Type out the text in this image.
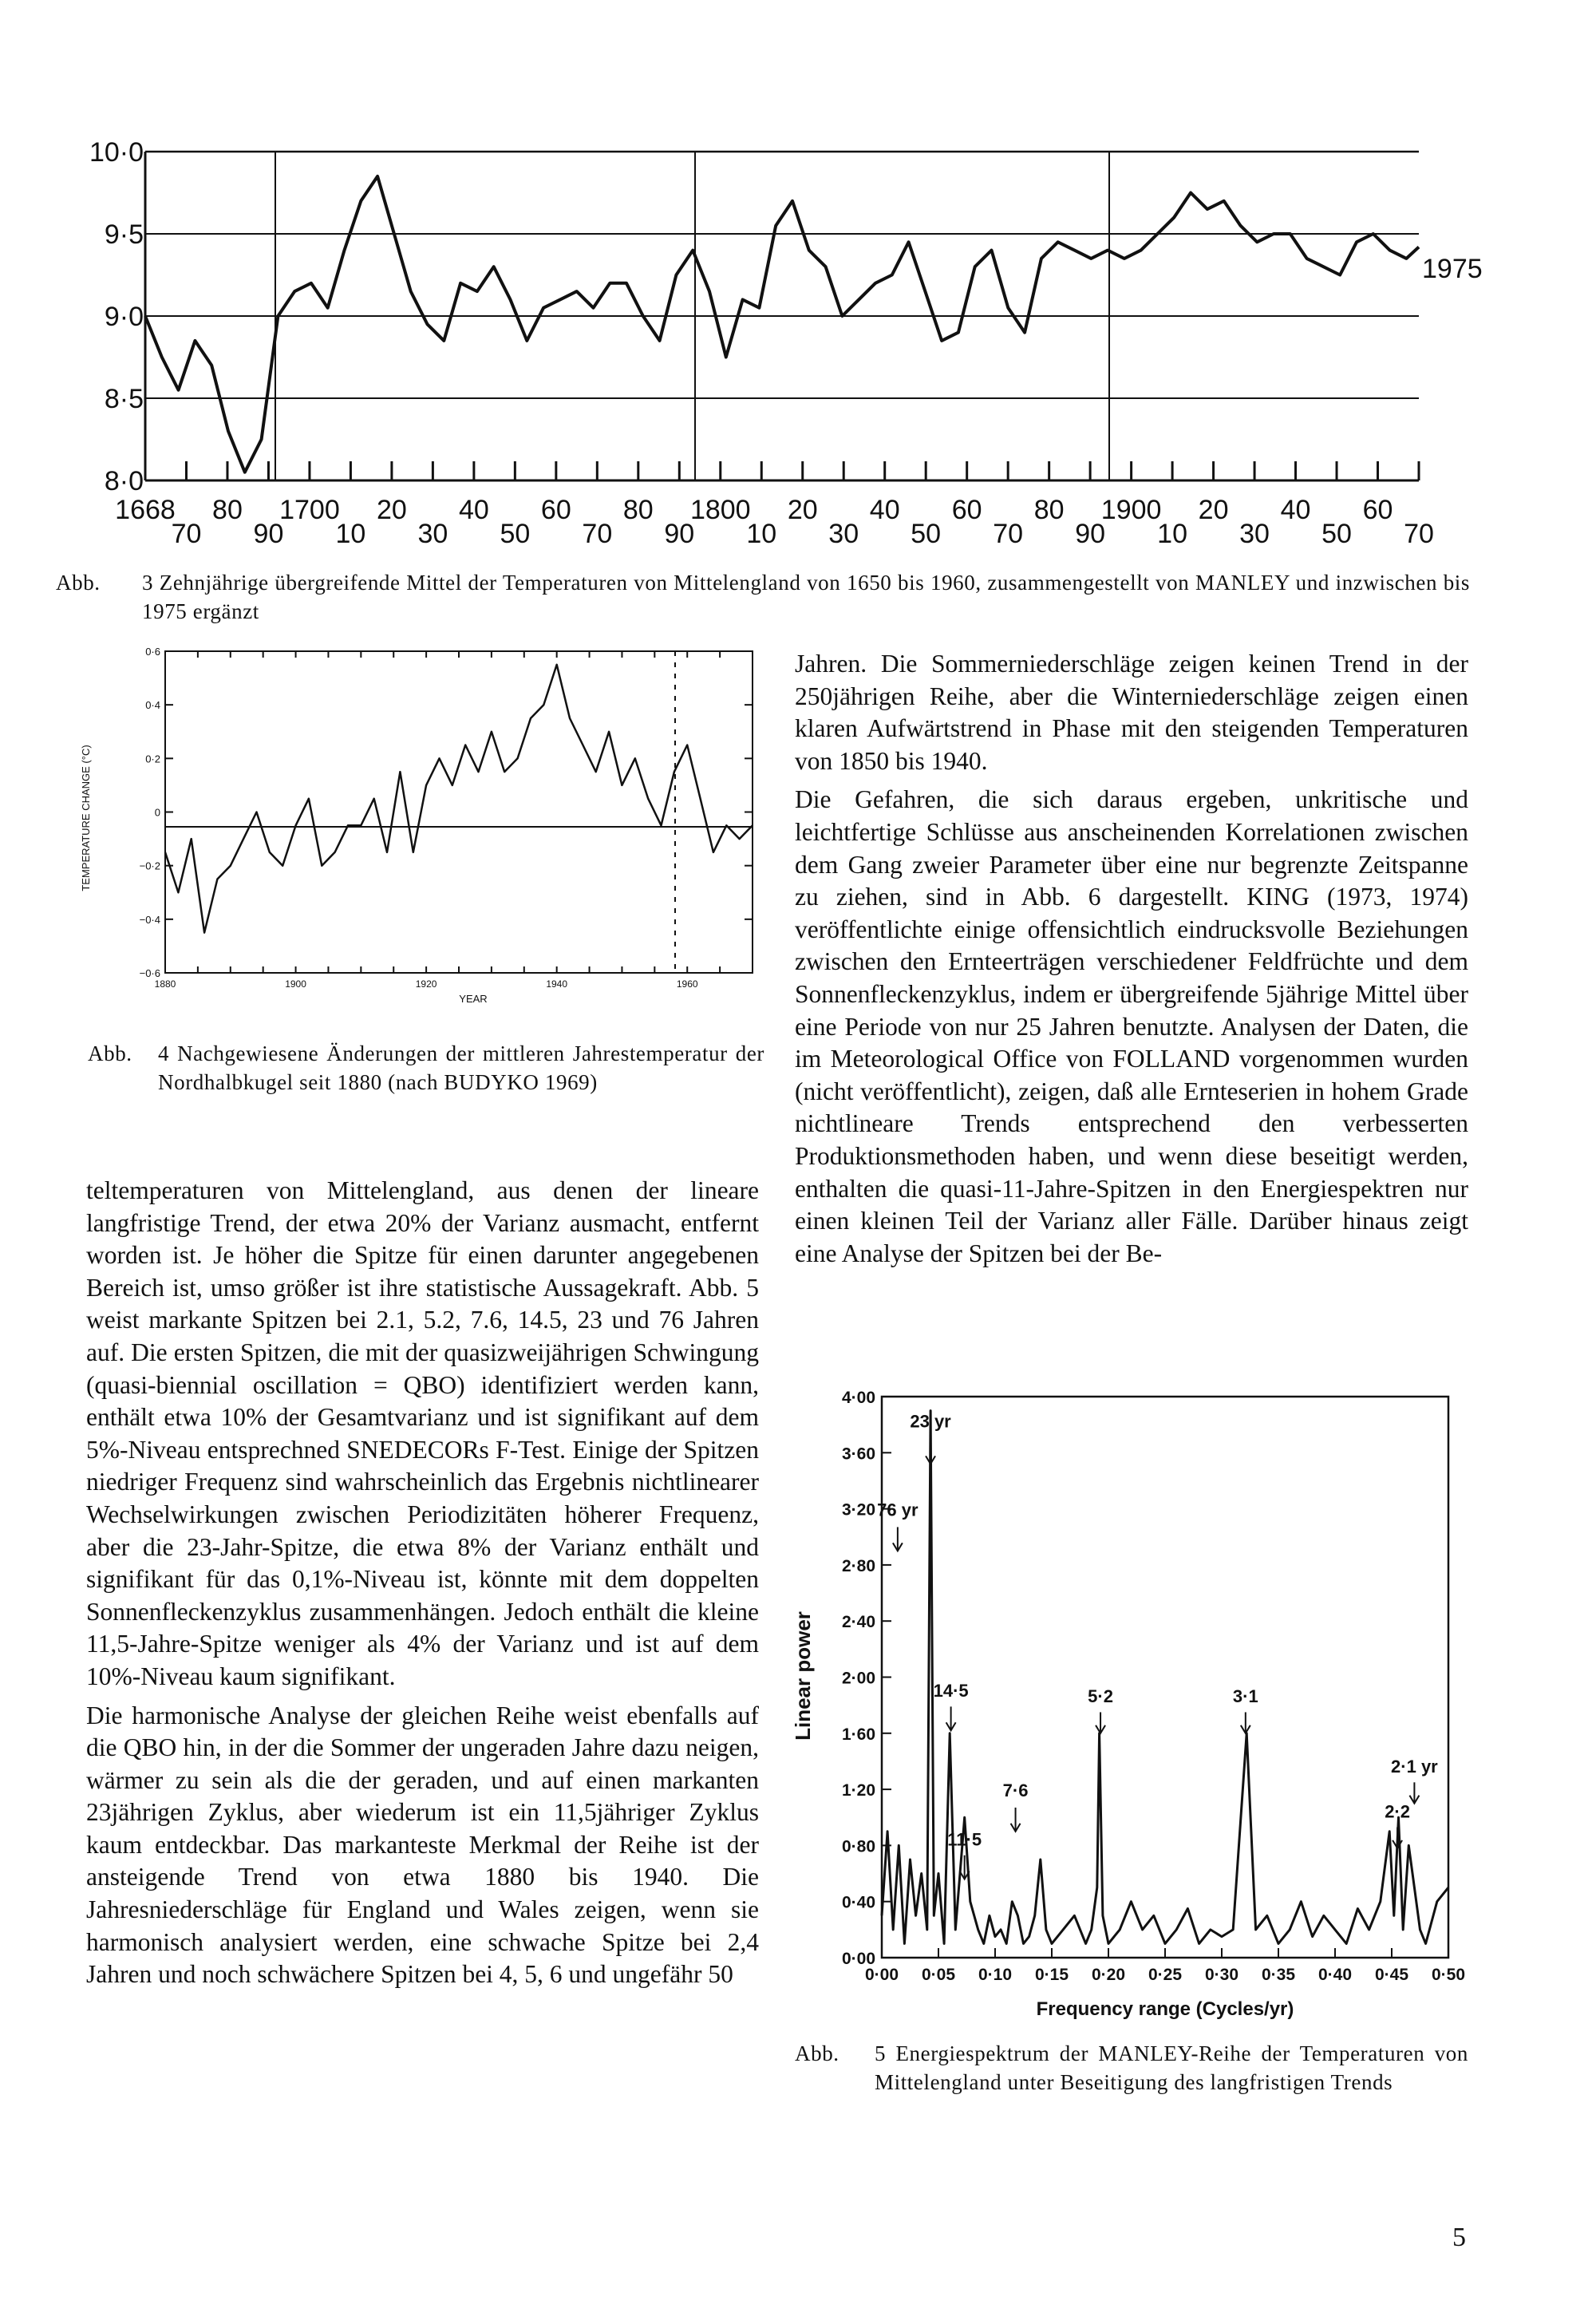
10·0
9·5
9·0
8·5
8·0
1668 80 1700 20 40 60 80 1800 20 40 60 80 1900 20 40 60
70 90 10 30 50 70 90 10 30 50 70 90 10 30 50 70
1975
Abb. 3 Zehnjährige übergreifende Mittel der Temperaturen von Mittelengland von 1650 bis 1960, zusammengestellt von MANLEY und inzwischen bis 1975 ergänzt
0·6
0·4
0·2
0
−0·2
−0·4
−0·6
1880	1900	1920	1940	1960
YEAR
TEMPERATURE CHANGE (°C)
Abb. 4 Nachgewiesene Änderungen der mittleren Jahrestemperatur der Nordhalbkugel seit 1880 (nach BUDYKO 1969)

teltemperaturen von Mittelengland, aus denen der lineare langfristige Trend, der etwa 20% der Varianz ausmacht, entfernt worden ist. Je höher die Spitze für einen darunter angegebenen Bereich ist, umso größer ist ihre statistische Aussagekraft. Abb. 5 weist markante Spitzen bei 2.1, 5.2, 7.6, 14.5, 23 und 76 Jahren auf. Die ersten Spitzen, die mit der quasizweijährigen Schwingung (quasi-biennial oscillation = QBO) identifiziert werden kann, enthält etwa 10% der Gesamtvarianz und ist signifikant auf dem 5%-Niveau entsprechned SNEDECORs F-Test. Einige der Spitzen niedriger Frequenz sind wahrscheinlich das Ergebnis nichtlinearer Wechselwirkungen zwischen Periodizitäten höherer Frequenz, aber die 23-Jahr-Spitze, die etwa 8% der Varianz enthält und signifikant für das 0,1%-Niveau ist, könnte mit dem doppelten Sonnenfleckenzyklus zusammenhängen. Jedoch enthält die kleine 11,5-Jahre-Spitze weniger als 4% der Varianz und ist auf dem 10%-Niveau kaum signifikant.

Die harmonische Analyse der gleichen Reihe weist ebenfalls auf die QBO hin, in der die Sommer der ungeraden Jahre dazu neigen, wärmer zu sein als die der geraden, und auf einen markanten 23jährigen Zyklus, aber wiederum ist ein 11,5jähriger Zyklus kaum entdeckbar. Das markanteste Merkmal der Reihe ist der ansteigende Trend von etwa 1880 bis 1940. Die Jahresniederschläge für England und Wales zeigen, wenn sie harmonisch analysiert werden, eine schwache Spitze bei 2,4 Jahren und noch schwächere Spitzen bei 4, 5, 6 und ungefähr 50

Jahren. Die Sommerniederschläge zeigen keinen Trend in der 250jährigen Reihe, aber die Winterniederschläge zeigen einen klaren Aufwärtstrend in Phase mit den steigenden Temperaturen von 1850 bis 1940.

Die Gefahren, die sich daraus ergeben, unkritische und leichtfertige Schlüsse aus anscheinenden Korrelationen zwischen dem Gang zweier Parameter über eine nur begrenzte Zeitspanne zu ziehen, sind in Abb. 6 dargestellt. KING (1973, 1974) veröffentlichte einige offensichtlich eindrucksvolle Beziehungen zwischen den Ernteerträgen verschiedener Feldfrüchte und dem Sonnenfleckenzyklus, indem er übergreifende 5jährige Mittel über eine Periode von nur 25 Jahren benutzte. Analysen der Daten, die im Meteorological Office von FOLLAND vorgenommen wurden (nicht veröffentlicht), zeigen, daß alle Ernteserien in hohem Grade nichtlineare Trends entsprechend den verbesserten Produktionsmethoden haben, und wenn diese beseitigt werden, enthalten die quasi-11-Jahre-Spitzen in den Energiespektren nur einen kleinen Teil der Varianz aller Fälle. Darüber hinaus zeigt eine Analyse der Spitzen bei der Be-

4·00
3·60
3·20
2·80
2·40
2·00
1·60
1·20
0·80
0·40
0·00
0·00 0·05 0·10 0·15 0·20 0·25 0·30 0·35 0·40 0·45 0·50
Frequency range (Cycles/yr)
Linear power
23 yr
76 yr
14·5
11·5
7·6
5·2	3·1
2·1 yr
2·2
Abb. 5 Energiespektrum der MANLEY-Reihe der Temperaturen von Mittelengland unter Beseitigung des langfristigen Trends
5
